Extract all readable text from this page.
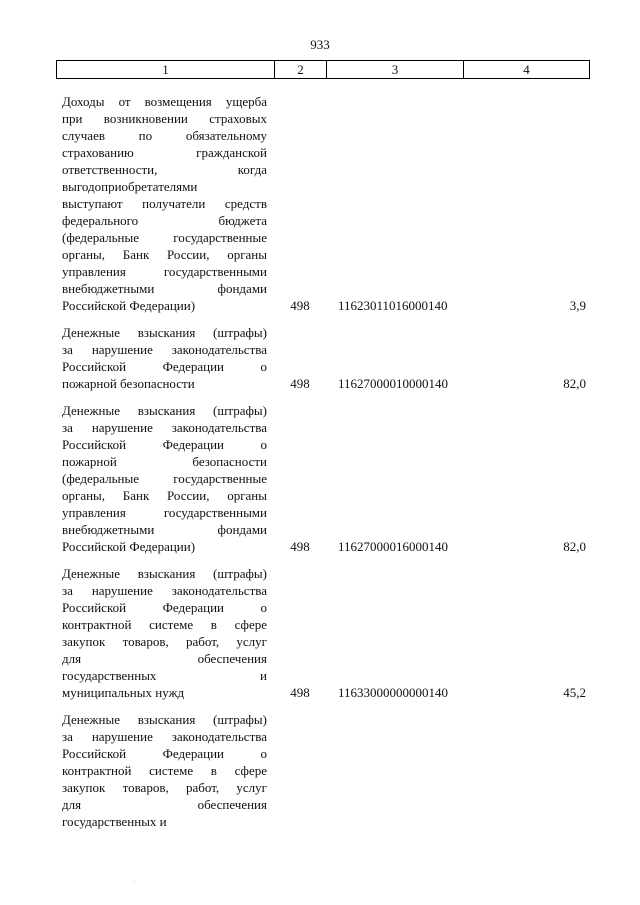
933
1	2	3	4
Доходы от возмещения ущерба
при возникновении страховых
случаев по обязательному
страхованию гражданской
ответственности, когда
выгодоприобретателями
выступают получатели средств
федерального бюджета
(федеральные государственные
органы, Банк России, органы
управления государственными
внебюджетными фондами
Российской Федерации)	498	11623011016000140	3,9
Денежные взыскания (штрафы)
за нарушение законодательства
Российской Федерации о
пожарной безопасности	498	11627000010000140	82,0
Денежные взыскания (штрафы)
за нарушение законодательства
Российской Федерации о
пожарной безопасности
(федеральные государственные
органы, Банк России, органы
управления государственными
внебюджетными фондами
Российской Федерации)	498	11627000016000140	82,0
Денежные взыскания (штрафы)
за нарушение законодательства
Российской Федерации о
контрактной системе в сфере
закупок товаров, работ, услуг
для обеспечения
государственных и
муниципальных нужд	498	11633000000000140	45,2
Денежные взыскания (штрафы)
за нарушение законодательства
Российской Федерации о
контрактной системе в сфере
закупок товаров, работ, услуг
для обеспечения
государственных и
·
